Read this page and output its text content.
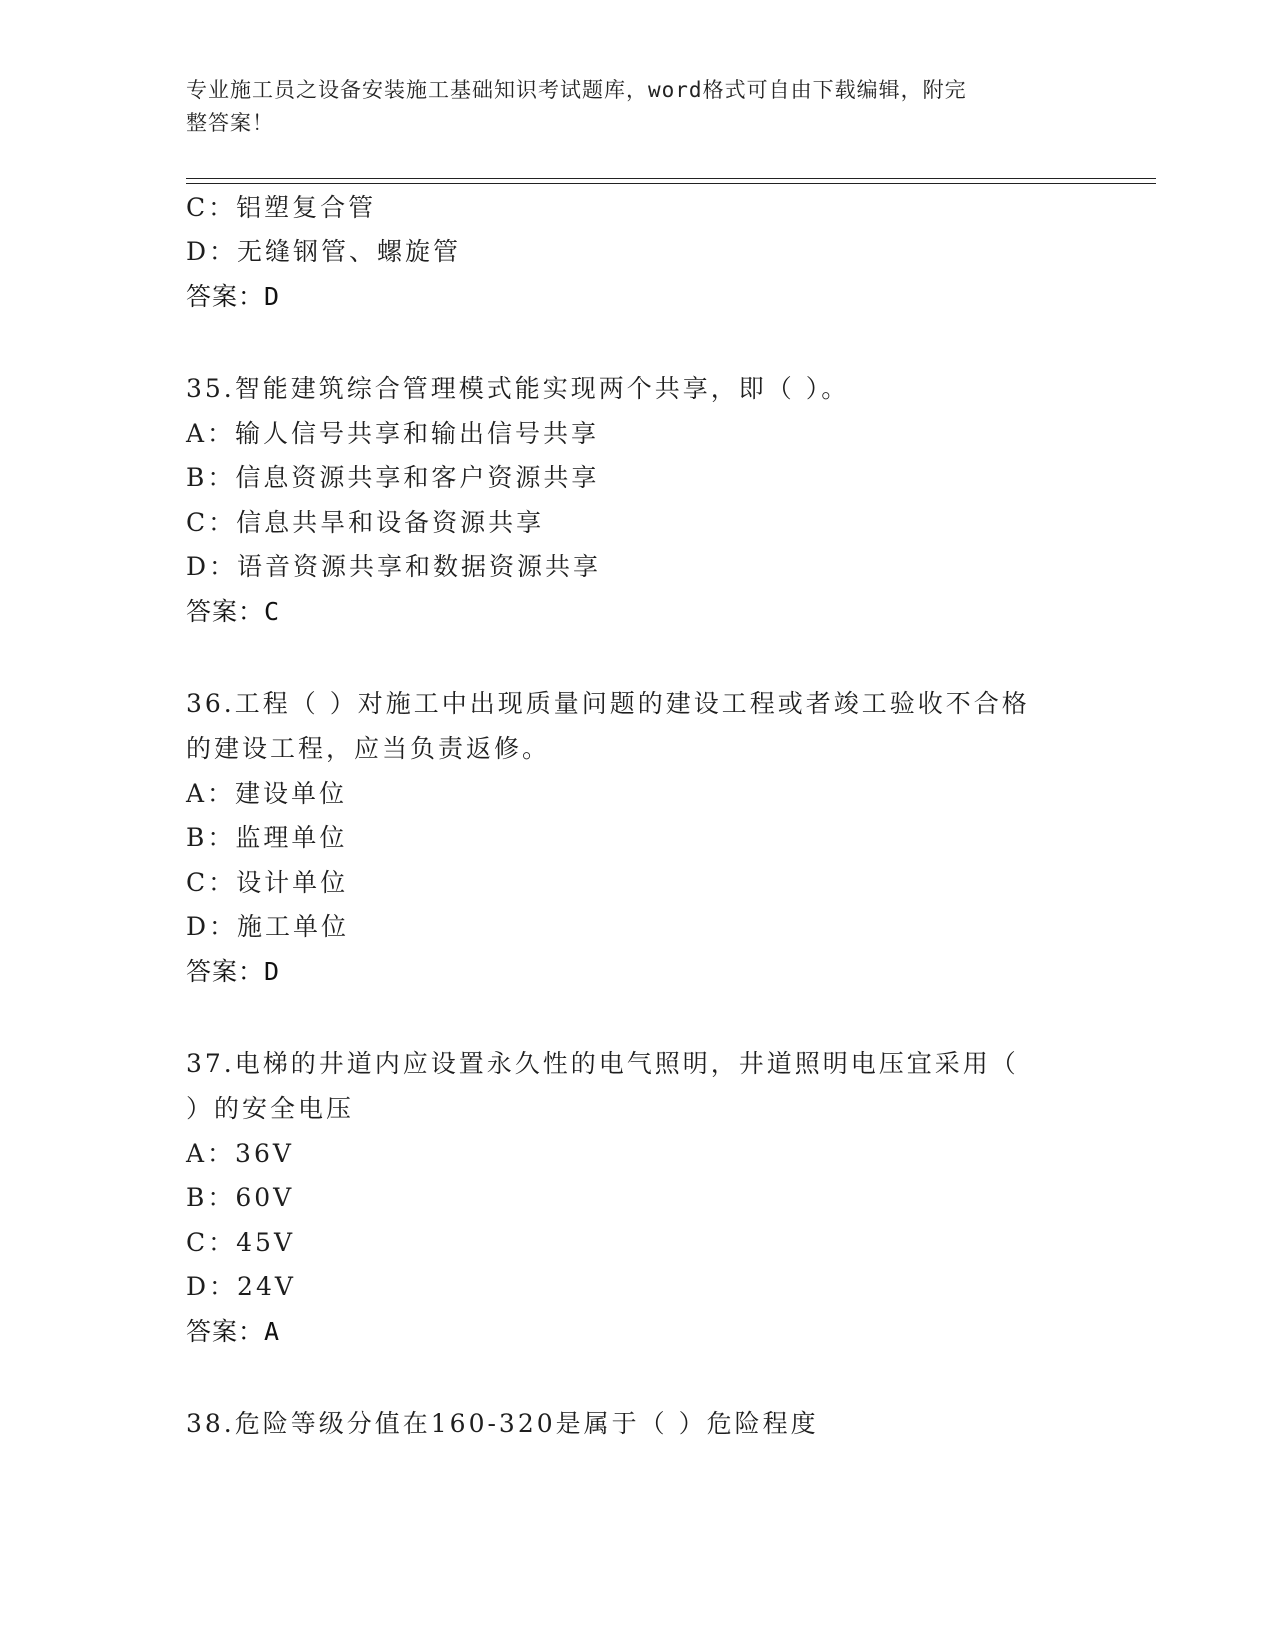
专业施工员之设备安装施工基础知识考试题库，word格式可自由下载编辑，附完
整答案！
C：铝塑复合管
D：无缝钢管、螺旋管
答案：D
35.智能建筑综合管理模式能实现两个共享，即（ ）。
A：输人信号共享和输出信号共享
B：信息资源共享和客户资源共享
C：信息共旱和设备资源共享
D：语音资源共享和数据资源共享
答案：C
36.工程（ ）对施工中出现质量问题的建设工程或者竣工验收不合格
的建设工程，应当负责返修。
A：建设单位
B：监理单位
C：设计单位
D：施工单位
答案：D
37.电梯的井道内应设置永久性的电气照明，井道照明电压宜采用（
）的安全电压
A：36V
B：60V
C：45V
D：24V
答案：A
38.危险等级分值在160-320是属于（ ）危险程度
